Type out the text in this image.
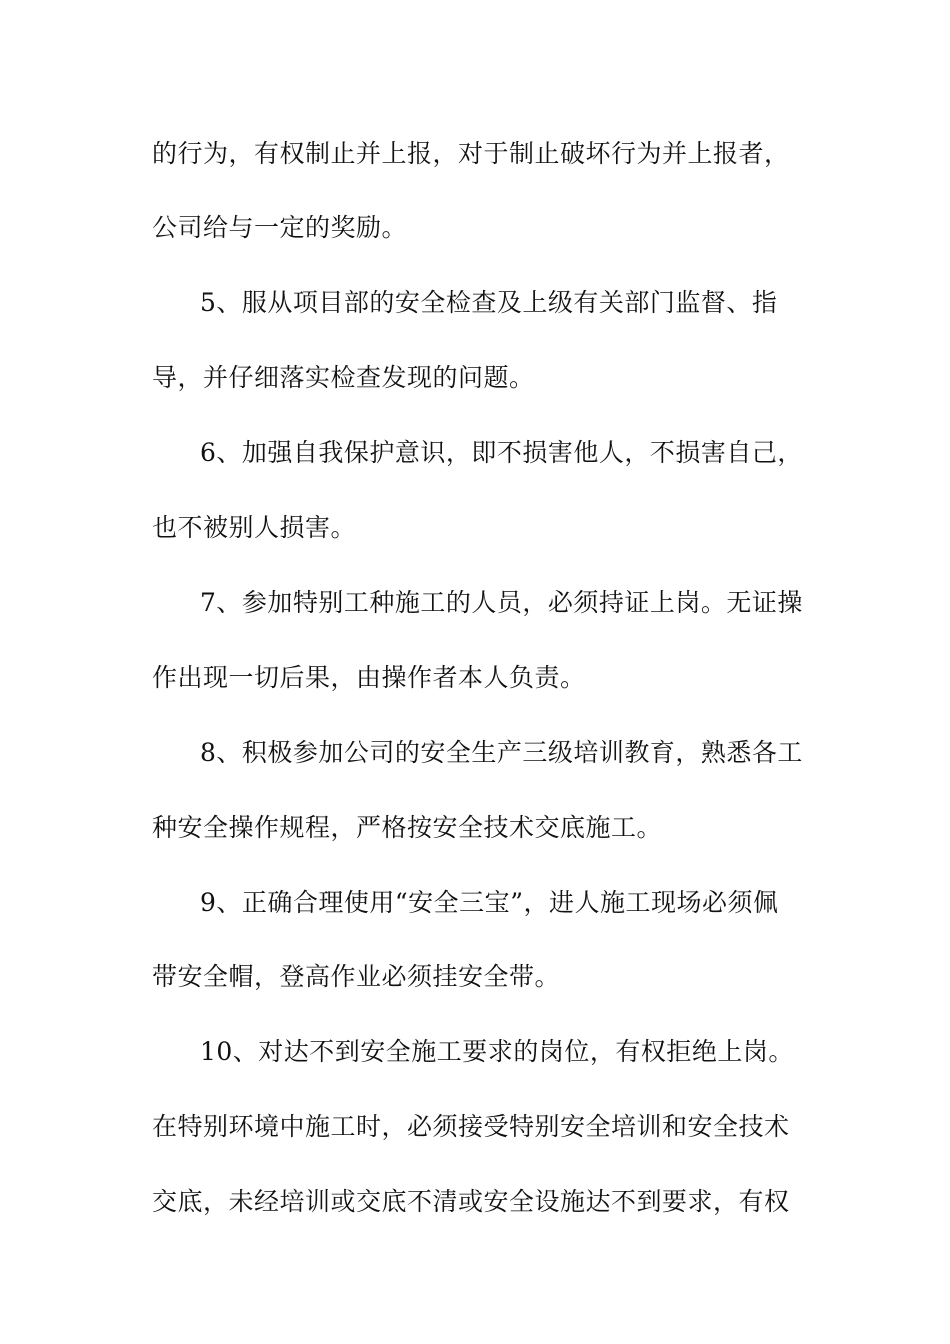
的行为，有权制止并上报，对于制止破坏行为并上报者，
公司给与一定的奖励。
5、服从项目部的安全检查及上级有关部门监督、指
导，并仔细落实检查发现的问题。
6、加强自我保护意识，即不损害他人，不损害自己，
也不被别人损害。
7、参加特别工种施工的人员，必须持证上岗。无证操
作出现一切后果，由操作者本人负责。
8、积极参加公司的安全生产三级培训教育，熟悉各工
种安全操作规程，严格按安全技术交底施工。
9、正确合理使用“安全三宝”，进人施工现场必须佩
带安全帽，登高作业必须挂安全带。
10、对达不到安全施工要求的岗位，有权拒绝上岗。
在特别环境中施工时，必须接受特别安全培训和安全技术
交底，未经培训或交底不清或安全设施达不到要求，有权
